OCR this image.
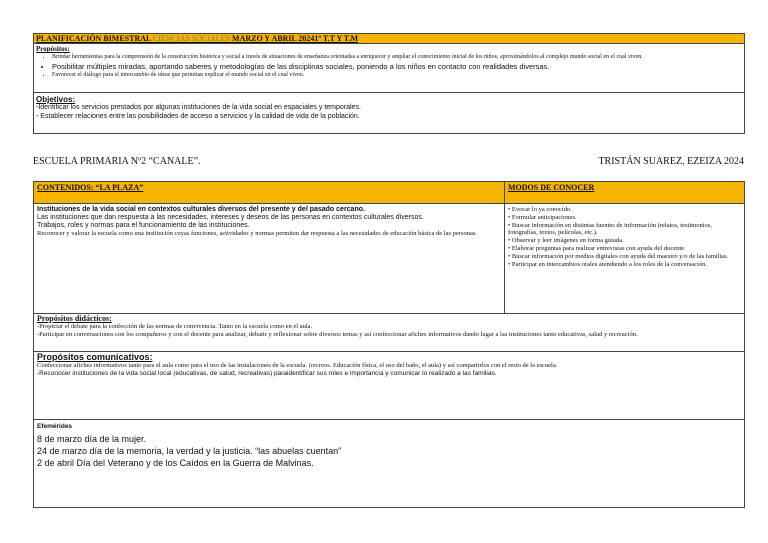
PLANIFICACIÓN BIMESTRAL CIENCIAS SOCIALES MARZO Y ABRIL 20241º T.T Y T.M
Propósitos:
• Brindar herramientas para la comprensión de la construcción histórica y social a través de situaciones de enseñanza orientadas a enriquecer y ampliar el conocimiento inicial de los niños, aproximándolos al complejo mundo social en el cual viven.
• Posibilitar múltiples miradas, aportando saberes y metodologías de las disciplinas sociales, poniendo a los niños en contacto con realidades diversas.
• Favorecer el diálogo para el intercambio de ideas que permitan explicar el mundo social en el cual viven.
Objetivos:
-Identificar los servicios prestados por algunas instituciones de la vida social en espaciales y temporales.
- Establecer relaciones entre las posibilidades de acceso a servicios y la calidad de vida de la población.
ESCUELA PRIMARIA Nº2 “CANALE”.	TRISTÁN SUAREZ, EZEIZA 2024
CONTENIDOS: “LA PLAZA”	MODOS DE CONOCER
Instituciones de la vida social en contextos culturales diversos del presente y del pasado cercano.
Las instituciones que dan respuesta a las necesidades, intereses y deseos de las personas en contextos culturales diversos.
Trabajos, roles y normas para el funcionamiento de las instituciones.
Reconocer y valorar la escuela como una institución cuyas funciones, actividades y normas permiten dar respuesta a las necesidades de educación básica de las personas.
• Evocar lo ya conocido.
• Formular anticipaciones.
• Buscar información en distintas fuentes de información (relatos, testimonios, fotografías, textos, películas, etc.).
• Observar y leer imágenes en forma guiada.
• Elaborar preguntas para realizar entrevistas con ayuda del docente.
• Buscar información por medios digitales con ayuda del maestro y/o de las familias.
• Participar en intercambios orales atendiendo a los roles de la conversación.
Propósitos didácticos:
-Propiciar el debate para la confección de las normas de convivencia. Tanto en la escuela como en el aula.
-Participar en conversaciones con los compañeros y con el docente para analizar, debatir y reflexionar sobre diversos temas y así confeccionar afiches informativos dando lugar a las instituciones tanto educativas, salud y recreación.
Propósitos comunicativos:
Confeccionar afiches informativos tanto para el aula como para el uso de las instalaciones de la escuela. (recreos. Educación física, el uso del baño, el aula) y así compartirlos con el resto de la escuela.
-Reconocer instituciones de la vida social local (educativas, de salud, recreativas) paraidentificar sus roles e importancia y comunicar lo realizado a las familias.
Efemérides
8 de marzo día de la mujer.
24 de marzo día de la memoria, la verdad y la justicia. “las abuelas cuentan”
2 de abril Día del Veterano y de los Caídos en la Guerra de Malvinas.
